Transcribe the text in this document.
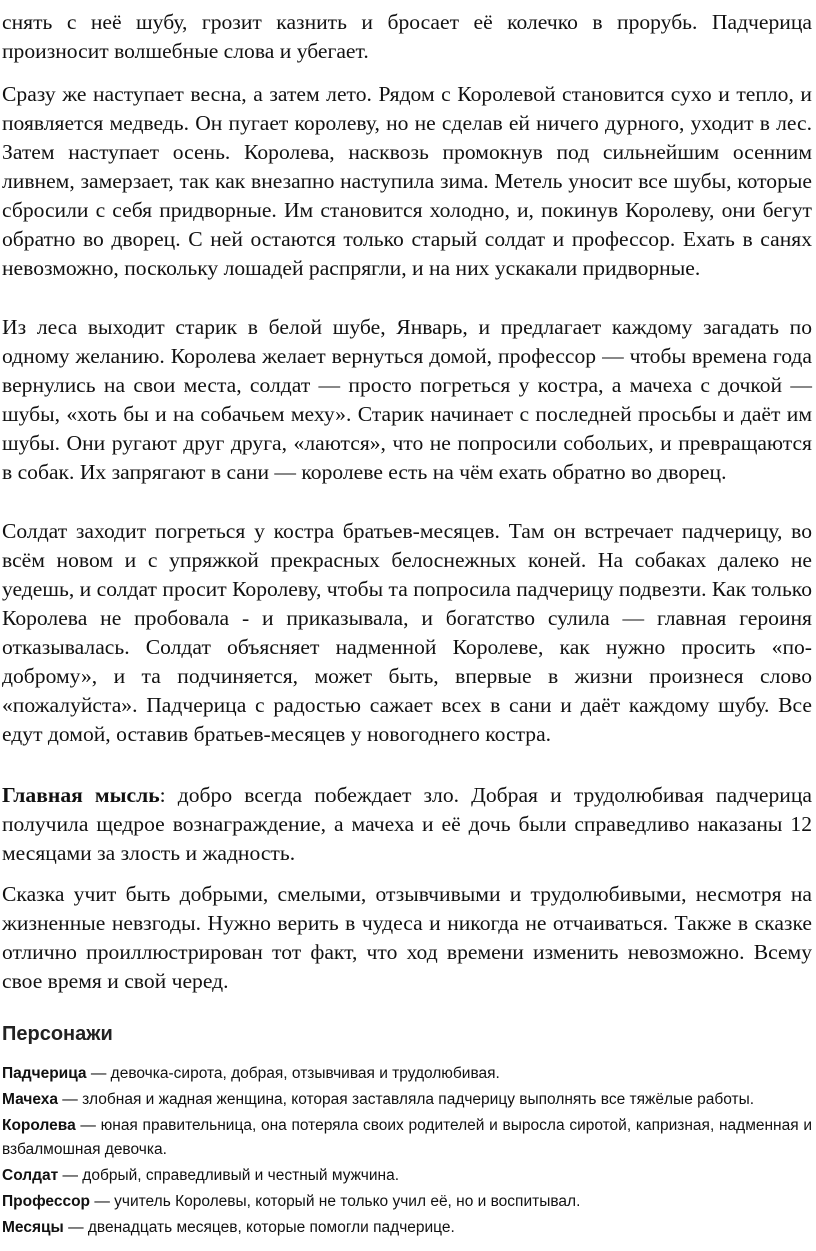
снять с неё шубу, грозит казнить и бросает её колечко в прорубь. Падчерица произносит волшебные слова и убегает.

Сразу же наступает весна, а затем лето. Рядом с Королевой становится сухо и тепло, и появляется медведь. Он пугает королеву, но не сделав ей ничего дурного, уходит в лес. Затем наступает осень. Королева, насквозь промокнув под сильнейшим осенним ливнем, замерзает, так как внезапно наступила зима. Метель уносит все шубы, которые сбросили с себя придворные. Им становится холодно, и, покинув Королеву, они бегут обратно во дворец. С ней остаются только старый солдат и профессор. Ехать в санях невозможно, поскольку лошадей распрягли, и на них ускакали придворные.

Из леса выходит старик в белой шубе, Январь, и предлагает каждому загадать по одному желанию. Королева желает вернуться домой, профессор — чтобы времена года вернулись на свои места, солдат — просто погреться у костра, а мачеха с дочкой — шубы, «хоть бы и на собачьем меху». Старик начинает с последней просьбы и даёт им шубы. Они ругают друг друга, «лаются», что не попросили собольих, и превращаются в собак. Их запрягают в сани — королеве есть на чём ехать обратно во дворец.

Солдат заходит погреться у костра братьев-месяцев. Там он встречает падчерицу, во всём новом и с упряжкой прекрасных белоснежных коней. На собаках далеко не уедешь, и солдат просит Королеву, чтобы та попросила падчерицу подвезти. Как только Королева не пробовала - и приказывала, и богатство сулила — главная героиня отказывалась. Солдат объясняет надменной Королеве, как нужно просить «по-доброму», и та подчиняется, может быть, впервые в жизни произнеся слово «пожалуйста». Падчерица с радостью сажает всех в сани и даёт каждому шубу. Все едут домой, оставив братьев-месяцев у новогоднего костра.

Главная мысль: добро всегда побеждает зло. Добрая и трудолюбивая падчерица получила щедрое вознаграждение, а мачеха и её дочь были справедливо наказаны 12 месяцами за злость и жадность.

Сказка учит быть добрыми, смелыми, отзывчивыми и трудолюбивыми, несмотря на жизненные невзгоды. Нужно верить в чудеса и никогда не отчаиваться. Также в сказке отлично проиллюстрирован тот факт, что ход времени изменить невозможно. Всему свое время и свой черед.

Персонажи
Падчерица — девочка-сирота, добрая, отзывчивая и трудолюбивая.
Мачеха — злобная и жадная женщина, которая заставляла падчерицу выполнять все тяжёлые работы.
Королева — юная правительница, она потеряла своих родителей и выросла сиротой, капризная, надменная и взбалмошная девочка.
Солдат — добрый, справедливый и честный мужчина.
Профессор — учитель Королевы, который не только учил её, но и воспитывал.
Месяцы — двенадцать месяцев, которые помогли падчерице.
